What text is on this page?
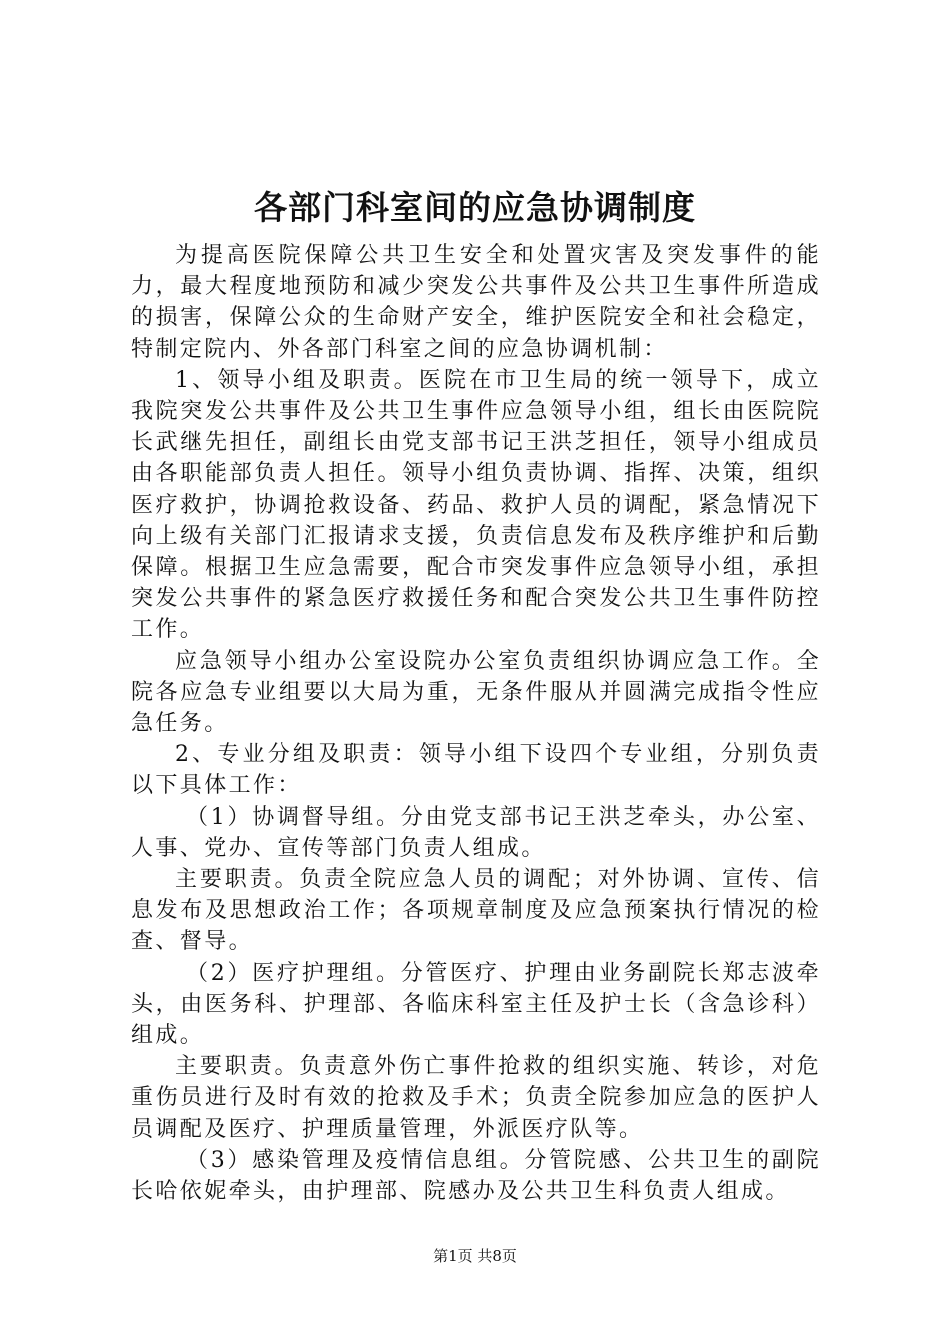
各部门科室间的应急协调制度

为提高医院保障公共卫生安全和处置灾害及突发事件的能力，最大程度地预防和减少突发公共事件及公共卫生事件所造成的损害，保障公众的生命财产安全，维护医院安全和社会稳定，特制定院内、外各部门科室之间的应急协调机制：

1、领导小组及职责。医院在市卫生局的统一领导下，成立我院突发公共事件及公共卫生事件应急领导小组，组长由医院院长武继先担任，副组长由党支部书记王洪芝担任，领导小组成员由各职能部负责人担任。领导小组负责协调、指挥、决策，组织医疗救护，协调抢救设备、药品、救护人员的调配，紧急情况下向上级有关部门汇报请求支援，负责信息发布及秩序维护和后勤保障。根据卫生应急需要，配合市突发事件应急领导小组，承担突发公共事件的紧急医疗救援任务和配合突发公共卫生事件防控工作。

应急领导小组办公室设院办公室负责组织协调应急工作。全院各应急专业组要以大局为重，无条件服从并圆满完成指令性应急任务。

2、专业分组及职责：领导小组下设四个专业组，分别负责以下具体工作：

（1）协调督导组。分由党支部书记王洪芝牵头，办公室、人事、党办、宣传等部门负责人组成。

主要职责。负责全院应急人员的调配；对外协调、宣传、信息发布及思想政治工作；各项规章制度及应急预案执行情况的检查、督导。

（2）医疗护理组。分管医疗、护理由业务副院长郑志波牵头，由医务科、护理部、各临床科室主任及护士长（含急诊科）组成。

主要职责。负责意外伤亡事件抢救的组织实施、转诊，对危重伤员进行及时有效的抢救及手术；负责全院参加应急的医护人员调配及医疗、护理质量管理，外派医疗队等。

（3）感染管理及疫情信息组。分管院感、公共卫生的副院长哈依妮牵头，由护理部、院感办及公共卫生科负责人组成。

第1页 共8页
